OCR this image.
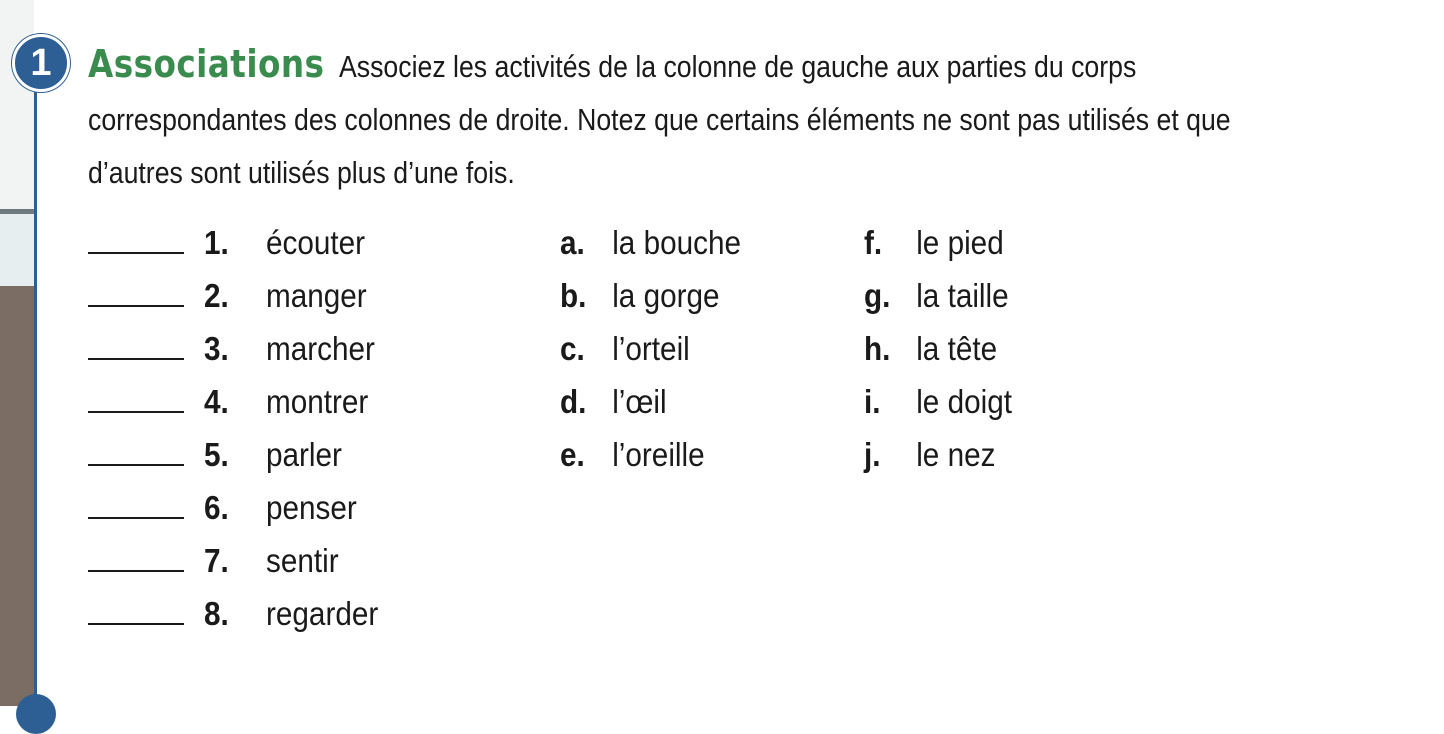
1 Associations Associez les activités de la colonne de gauche aux parties du corps correspondantes des colonnes de droite. Notez que certains éléments ne sont pas utilisés et que d’autres sont utilisés plus d’une fois.
1. écouter
2. manger
3. marcher
4. montrer
5. parler
6. penser
7. sentir
8. regarder
a. la bouche
b. la gorge
c. l’orteil
d. l’œil
e. l’oreille
f. le pied
g. la taille
h. la tête
i. le doigt
j. le nez
